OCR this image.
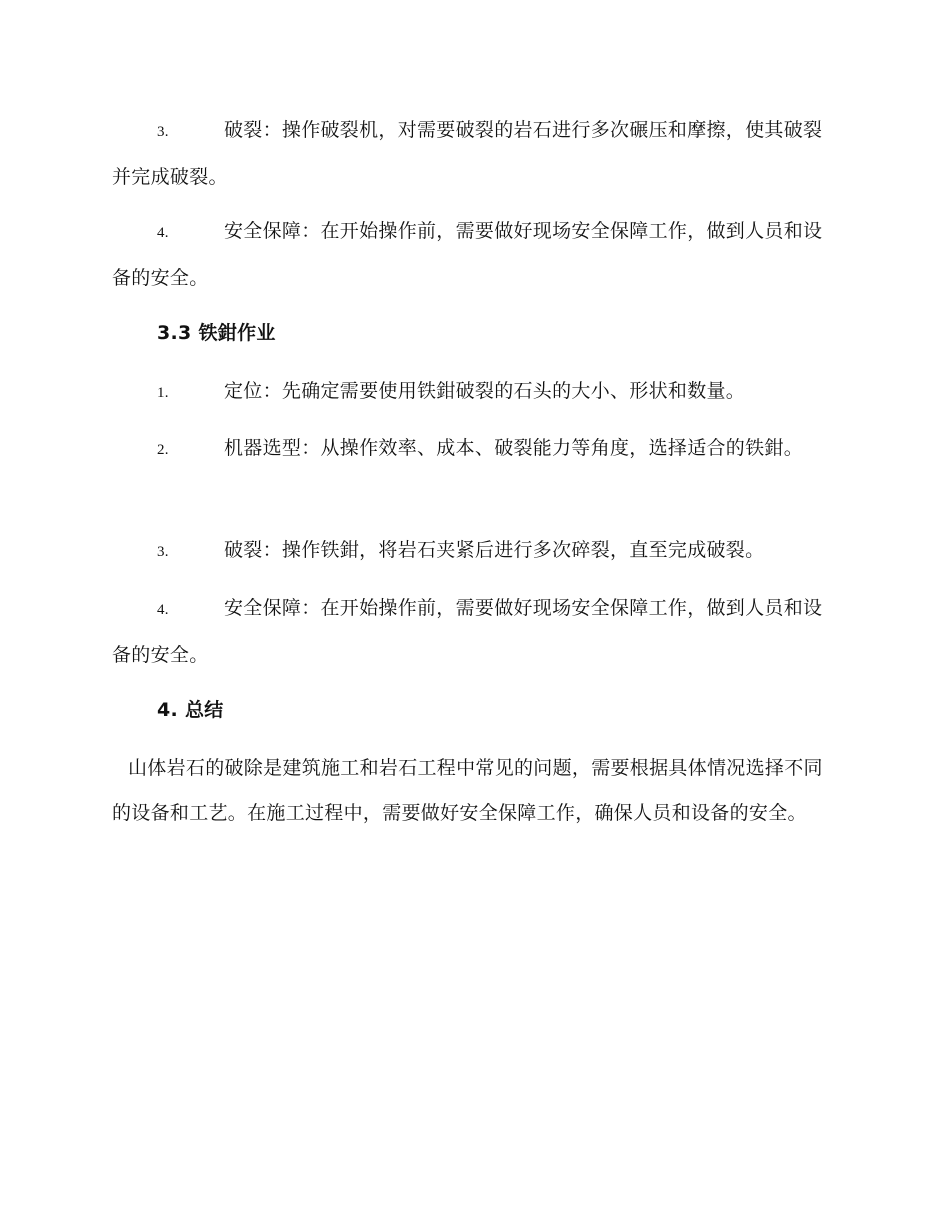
3.	破裂：操作破裂机，对需要破裂的岩石进行多次碾压和摩擦，使其破裂并完成破裂。
4.	安全保障：在开始操作前，需要做好现场安全保障工作，做到人员和设备的安全。
3.3 铁鉗作业
1.	定位：先确定需要使用铁鉗破裂的石头的大小、形状和数量。
2.	机器选型：从操作效率、成本、破裂能力等角度，选择适合的铁鉗。
3.	破裂：操作铁鉗，将岩石夹紧后进行多次碎裂，直至完成破裂。
4.	安全保障：在开始操作前，需要做好现场安全保障工作，做到人员和设备的安全。
4. 总结
山体岩石的破除是建筑施工和岩石工程中常见的问题，需要根据具体情况选择不同的设备和工艺。在施工过程中，需要做好安全保障工作，确保人员和设备的安全。
